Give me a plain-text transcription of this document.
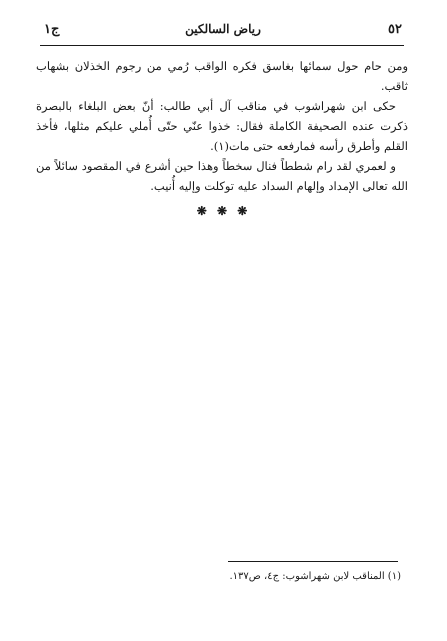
٥٢
رياض السالكين
ج١

ومن حام حول سمائها بغاسق فكره الواقب رُمي من رجوم الخذلان بشهاب ثاقب.

حكى ابن شهراشوب في مناقب آل أبي طالب: أنّ بعض البلغاء بالبصرة ذكرت عنده الصحيفة الكاملة فقال: خذوا عنّي حتّى أُملي عليكم مثلها، فأخذ القلم وأطرق رأسه فمارفعه حتى مات(١).

و لعمري لقد رام شططاً فنال سخطاً وهذا حين أشرع في المقصود سائلاً من الله تعالى الإمداد وإلهام السداد عليه توكلت وإليه أُنيب.

❋ ❋ ❋
(١) المناقب لابن شهراشوب: ج٤، ص١٣٧.
